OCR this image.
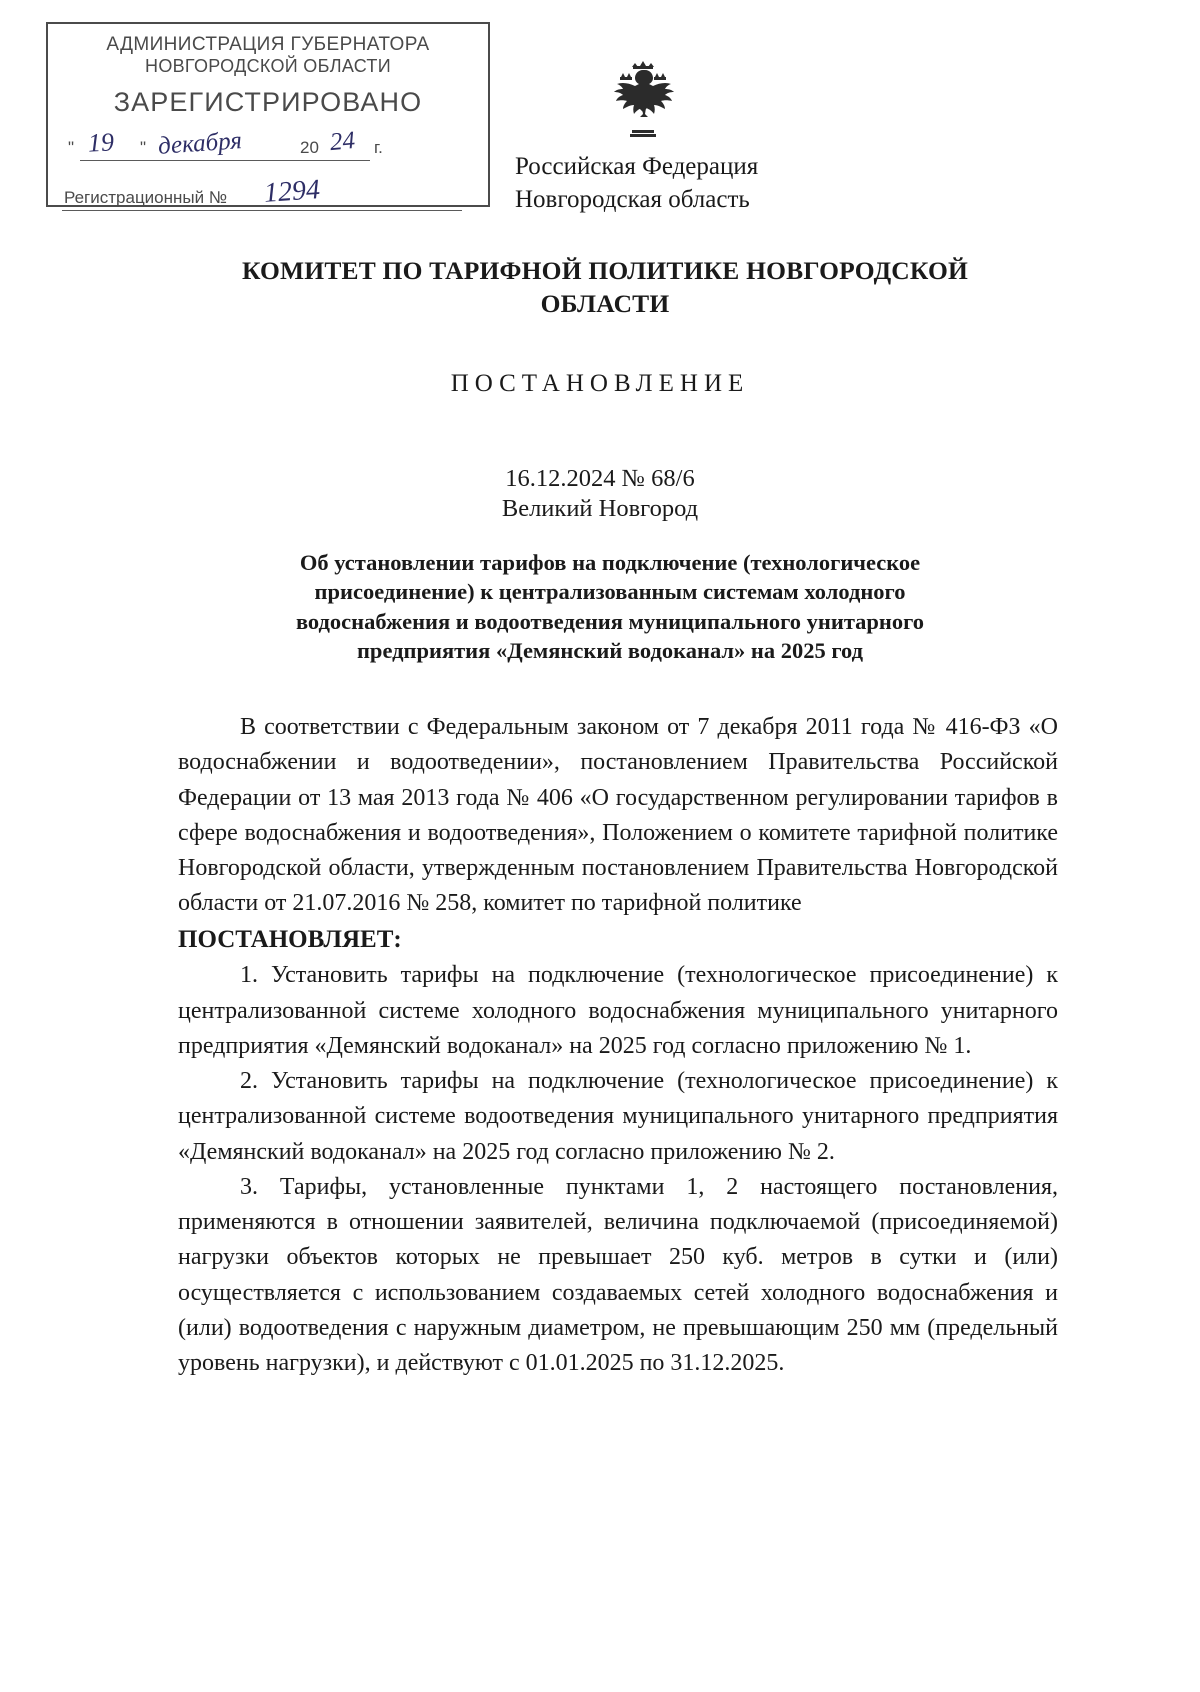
АДМИНИСТРАЦИЯ ГУБЕРНАТОРА
НОВГОРОДСКОЙ ОБЛАСТИ
ЗАРЕГИСТРИРОВАНО
" 19 " декабря	20 24 г.
Регистрационный № 1294
Российская Федерация
Новгородская область
КОМИТЕТ ПО ТАРИФНОЙ ПОЛИТИКЕ НОВГОРОДСКОЙ ОБЛАСТИ
ПОСТАНОВЛЕНИЕ
16.12.2024 № 68/6
Великий Новгород
Об установлении тарифов на подключение (технологическое присоединение) к централизованным системам холодного водоснабжения и водоотведения муниципального унитарного предприятия «Демянский водоканал» на 2025 год

В соответствии с Федеральным законом от 7 декабря 2011 года № 416-ФЗ «О водоснабжении и водоотведении», постановлением Правительства Российской Федерации от 13 мая 2013 года № 406 «О государственном регулировании тарифов в сфере водоснабжения и водоотведения», Положением о комитете тарифной политике Новгородской области, утвержденным постановлением Правительства Новгородской области от 21.07.2016 № 258, комитет по тарифной политике

ПОСТАНОВЛЯЕТ:

1. Установить тарифы на подключение (технологическое присоединение) к централизованной системе холодного водоснабжения муниципального унитарного предприятия «Демянский водоканал» на 2025 год согласно приложению № 1.

2. Установить тарифы на подключение (технологическое присоединение) к централизованной системе водоотведения муниципального унитарного предприятия «Демянский водоканал» на 2025 год согласно приложению № 2.

3. Тарифы, установленные пунктами 1, 2 настоящего постановления, применяются в отношении заявителей, величина подключаемой (присоединяемой) нагрузки объектов которых не превышает 250 куб. метров в сутки и (или) осуществляется с использованием создаваемых сетей холодного водоснабжения и (или) водоотведения с наружным диаметром, не превышающим 250 мм (предельный уровень нагрузки), и действуют с 01.01.2025 по 31.12.2025.
